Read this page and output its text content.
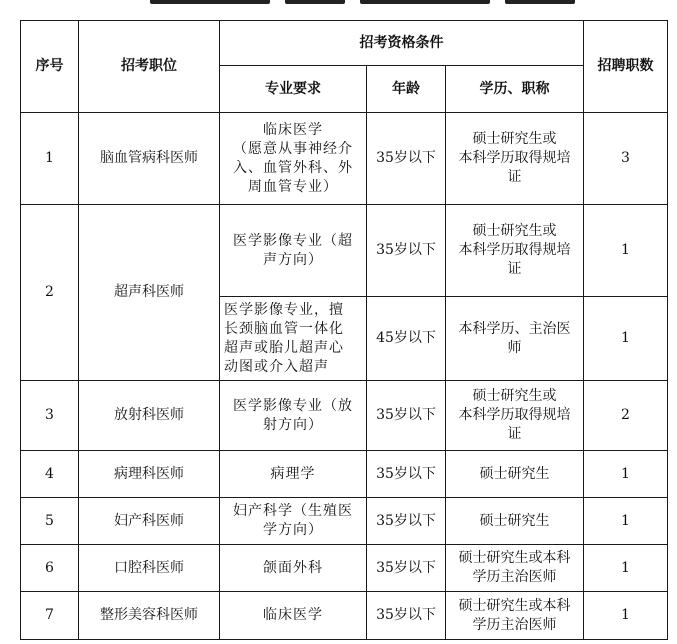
序号	招考职位	招考资格条件			招聘职数
		专业要求	年龄	学历、职称	
1	脑血管病科医师	临床医学
（愿意从事神经介
入、血管外科、外
周血管专业）	35岁以下	硕士研究生或
本科学历取得规培
证	3
2	超声科医师	医学影像专业（超
声方向）	35岁以下	硕士研究生或
本科学历取得规培
证	1
		医学影像专业，擅
长颈脑血管一体化
超声或胎儿超声心
动图或介入超声	45岁以下	本科学历、主治医
师	1
3	放射科医师	医学影像专业（放
射方向）	35岁以下	硕士研究生或
本科学历取得规培
证	2
4	病理科医师	病理学	35岁以下	硕士研究生	1
5	妇产科医师	妇产科学（生殖医
学方向）	35岁以下	硕士研究生	1
6	口腔科医师	颌面外科	35岁以下	硕士研究生或本科
学历主治医师	1
7	整形美容科医师	临床医学	35岁以下	硕士研究生或本科
学历主治医师	1
